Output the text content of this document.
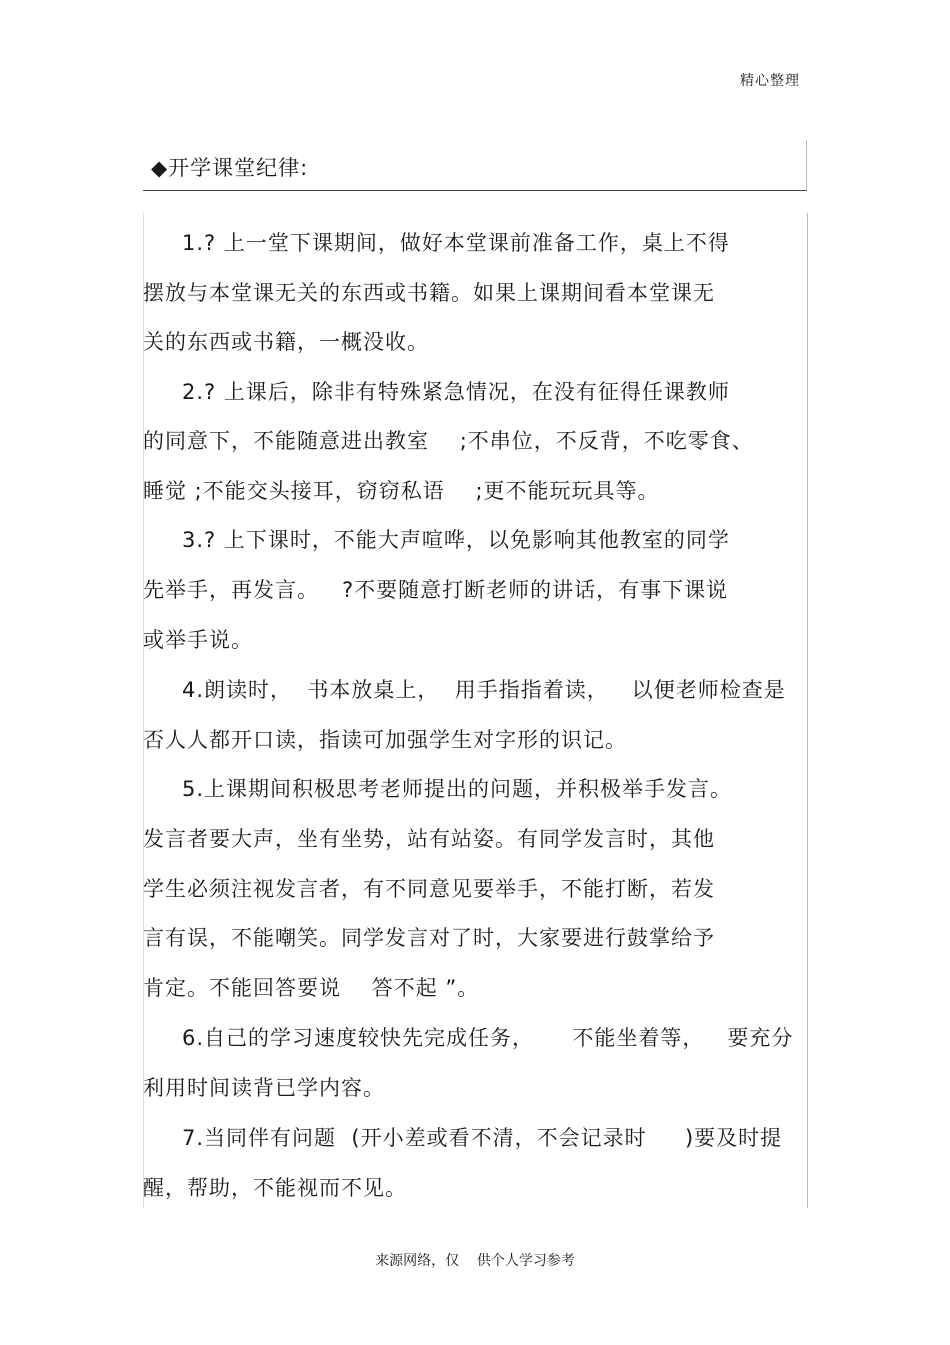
精心整理
◆开学课堂纪律:
1.? 上一堂下课期间，做好本堂课前准备工作，桌上不得
摆放与本堂课无关的东西或书籍。如果上课期间看本堂课无
关的东西或书籍，一概没收。
2.? 上课后，除非有特殊紧急情况，在没有征得任课教师
的同意下，不能随意进出教室    ;不串位，不反背，不吃零食、
睡觉 ;不能交头接耳，窃窃私语    ;更不能玩玩具等。
3.? 上下课时，不能大声喧哗，以免影响其他教室的同学
先举手，再发言。   ?不要随意打断老师的讲话，有事下课说
或举手说。
4.朗读时，  书本放桌上，  用手指指着读，   以便老师检查是
否人人都开口读，指读可加强学生对字形的识记。
5.上课期间积极思考老师提出的问题，并积极举手发言。
发言者要大声，坐有坐势，站有站姿。有同学发言时，其他
学生必须注视发言者，有不同意见要举手，不能打断，若发
言有误，不能嘲笑。同学发言对了时，大家要进行鼓掌给予
肯定。不能回答要说    答不起 ”。
6.自己的学习速度较快先完成任务，     不能坐着等，   要充分
利用时间读背已学内容。
7.当同伴有问题  (开小差或看不清，不会记录时     )要及时提
醒，帮助，不能视而不见。
来源网络，仅    供个人学习参考
